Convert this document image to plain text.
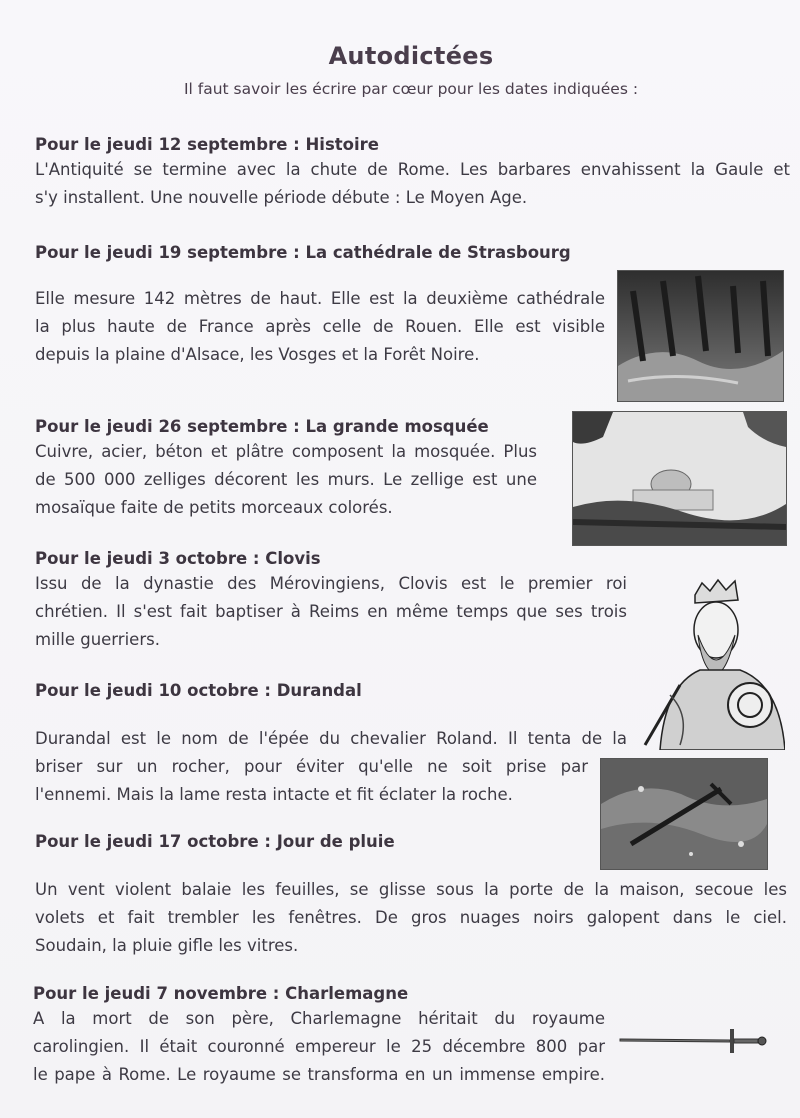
Autodictées
Il faut savoir les écrire par cœur pour les dates indiquées :
Pour le jeudi 12 septembre : Histoire
L'Antiquité se termine avec la chute de Rome. Les barbares envahissent la Gaule et
s'y installent. Une nouvelle période débute : Le Moyen Age.
Pour le jeudi 19 septembre : La cathédrale de Strasbourg
Elle mesure 142 mètres de haut. Elle est la deuxième cathédrale
la plus haute de France après celle de Rouen. Elle est visible
depuis la plaine d'Alsace, les Vosges et la Forêt Noire.
Pour le jeudi 26 septembre : La grande mosquée
Cuivre, acier, béton et plâtre composent la mosquée. Plus
de 500 000 zelliges décorent les murs. Le zellige est une
mosaïque faite de petits morceaux colorés.
Pour le jeudi 3 octobre : Clovis
Issu de la dynastie des Mérovingiens, Clovis est le premier roi
chrétien. Il s'est fait baptiser à Reims en même temps que ses trois
mille guerriers.
Pour le jeudi 10 octobre : Durandal
Durandal est le nom de l'épée du chevalier Roland. Il tenta de la
briser sur un rocher, pour éviter qu'elle ne soit prise par
l'ennemi. Mais la lame resta intacte et fit éclater la roche.
Pour le jeudi 17 octobre : Jour de pluie
Un vent violent balaie les feuilles, se glisse sous la porte de la maison, secoue les
volets et fait trembler les fenêtres. De gros nuages noirs galopent dans le ciel.
Soudain, la pluie gifle les vitres.
Pour le jeudi 7 novembre : Charlemagne
A la mort de son père, Charlemagne héritait du royaume
carolingien. Il était couronné empereur le 25 décembre 800 par
le pape à Rome. Le royaume se transforma en un immense empire.
